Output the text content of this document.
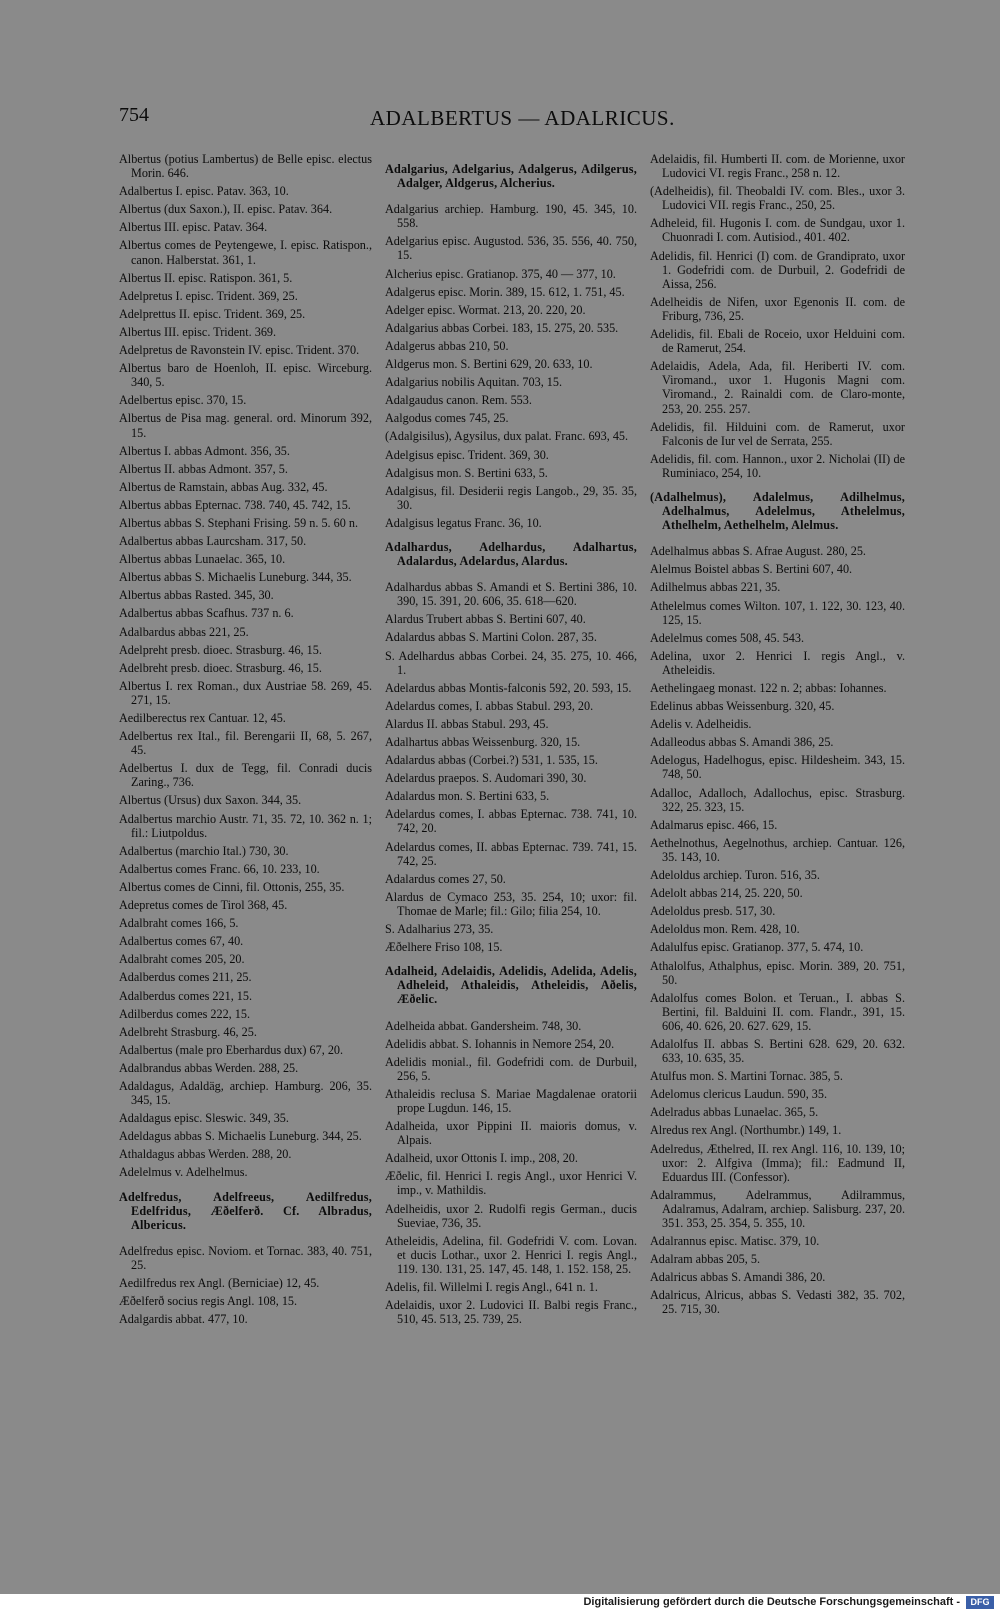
754	ADALBERTUS — ADALRICUS.

Albertus (potius Lambertus) de Belle episc. electus Morin. 646.

Adalbertus I. episc. Patav. 363, 10.

Albertus (dux Saxon.), II. episc. Patav. 364.

Albertus III. episc. Patav. 364.

Albertus comes de Peytengewe, I. episc. Ratispon., canon. Halberstat. 361, 1.

Albertus II. episc. Ratispon. 361, 5.

Adelpretus I. episc. Trident. 369, 25.

Adelprettus II. episc. Trident. 369, 25.

Albertus III. episc. Trident. 369.

Adelpretus de Ravonstein IV. episc. Trident. 370.

Albertus baro de Hoenloh, II. episc. Wirceburg. 340, 5.

Adelbertus episc. 370, 15.

Albertus de Pisa mag. general. ord. Minorum 392, 15.

Albertus I. abbas Admont. 356, 35.

Albertus II. abbas Admont. 357, 5.

Albertus de Ramstain, abbas Aug. 332, 45.

Albertus abbas Epternac. 738. 740, 45. 742, 15.

Albertus abbas S. Stephani Frising. 59 n. 5. 60 n.

Adalbertus abbas Laurcsham. 317, 50.

Albertus abbas Lunaelac. 365, 10.

Albertus abbas S. Michaelis Luneburg. 344, 35.

Albertus abbas Rasted. 345, 30.

Adalbertus abbas Scafhus. 737 n. 6.

Adalbardus abbas 221, 25.

Adelpreht presb. dioec. Strasburg. 46, 15.

Adelbreht presb. dioec. Strasburg. 46, 15.

Albertus I. rex Roman., dux Austriae 58. 269, 45. 271, 15.

Aedilberectus rex Cantuar. 12, 45.

Adelbertus rex Ital., fil. Berengarii II, 68, 5. 267, 45.

Adelbertus I. dux de Tegg, fil. Conradi ducis Zaring., 736.

Albertus (Ursus) dux Saxon. 344, 35.

Adalbertus marchio Austr. 71, 35. 72, 10. 362 n. 1; fil.: Liutpoldus.

Adalbertus (marchio Ital.) 730, 30.

Adalbertus comes Franc. 66, 10. 233, 10.

Albertus comes de Cinni, fil. Ottonis, 255, 35.

Adepretus comes de Tirol 368, 45.

Adalbraht comes 166, 5.

Adalbertus comes 67, 40.

Adalbraht comes 205, 20.

Adalberdus comes 211, 25.

Adalberdus comes 221, 15.

Adilberdus comes 222, 15.

Adelbreht Strasburg. 46, 25.

Adalbertus (male pro Eberhardus dux) 67, 20.

Adalbrandus abbas Werden. 288, 25.

Adaldagus, Adaldäg, archiep. Hamburg. 206, 35. 345, 15.

Adaldagus episc. Sleswic. 349, 35.

Adeldagus abbas S. Michaelis Luneburg. 344, 25.

Athaldagus abbas Werden. 288, 20.

Adelelmus v. Adelhelmus.

Adelfredus, Adelfreeus, Aedilfredus, Edelfridus, Æðelferð. Cf. Albradus, Albericus.

Adelfredus episc. Noviom. et Tornac. 383, 40. 751, 25.

Aedilfredus rex Angl. (Berniciae) 12, 45.

Æðelferð socius regis Angl. 108, 15.

Adalgardis abbat. 477, 10.

Adalgarius, Adelgarius, Adalgerus, Adilgerus, Adalger, Aldgerus, Alcherius.

Adalgarius archiep. Hamburg. 190, 45. 345, 10. 558.

Adelgarius episc. Augustod. 536, 35. 556, 40. 750, 15.

Alcherius episc. Gratianop. 375, 40 — 377, 10.

Adalgerus episc. Morin. 389, 15. 612, 1. 751, 45.

Adelger episc. Wormat. 213, 20. 220, 20.

Adalgarius abbas Corbei. 183, 15. 275, 20. 535.

Adalgerus abbas 210, 50.

Aldgerus mon. S. Bertini 629, 20. 633, 10.

Adalgarius nobilis Aquitan. 703, 15.

Adalgaudus canon. Rem. 553.

Aalgodus comes 745, 25.

(Adalgisilus), Agysilus, dux palat. Franc. 693, 45.

Adelgisus episc. Trident. 369, 30.

Adalgisus mon. S. Bertini 633, 5.

Adalgisus, fil. Desiderii regis Langob., 29, 35. 35, 30.

Adalgisus legatus Franc. 36, 10.

Adalhardus, Adelhardus, Adalhartus, Adalardus, Adelardus, Alardus.

Adalhardus abbas S. Amandi et S. Bertini 386, 10. 390, 15. 391, 20. 606, 35. 618—620.

Alardus Trubert abbas S. Bertini 607, 40.

Adalardus abbas S. Martini Colon. 287, 35.

S. Adelhardus abbas Corbei. 24, 35. 275, 10. 466, 1.

Adelardus abbas Montis-falconis 592, 20. 593, 15.

Adelardus comes, I. abbas Stabul. 293, 20.

Alardus II. abbas Stabul. 293, 45.

Adalhartus abbas Weissenburg. 320, 15.

Adalardus abbas (Corbei.?) 531, 1. 535, 15.

Adelardus praepos. S. Audomari 390, 30.

Adalardus mon. S. Bertini 633, 5.

Adelardus comes, I. abbas Epternac. 738. 741, 10. 742, 20.

Adelardus comes, II. abbas Epternac. 739. 741, 15. 742, 25.

Adalardus comes 27, 50.

Alardus de Cymaco 253, 35. 254, 10; uxor: fil. Thomae de Marle; fil.: Gilo; filia 254, 10.

S. Adalharius 273, 35.

Æðelhere Friso 108, 15.

Adalheid, Adelaidis, Adelidis, Adelida, Adelis, Adheleid, Athaleidis, Atheleidis, Aðelis, Æðelic.

Adelheida abbat. Gandersheim. 748, 30.

Adelidis abbat. S. Iohannis in Nemore 254, 20.

Adelidis monial., fil. Godefridi com. de Durbuil, 256, 5.

Athaleidis reclusa S. Mariae Magdalenae oratorii prope Lugdun. 146, 15.

Adalheida, uxor Pippini II. maioris domus, v. Alpais.

Adalheid, uxor Ottonis I. imp., 208, 20.

Æðelic, fil. Henrici I. regis Angl., uxor Henrici V. imp., v. Mathildis.

Adelheidis, uxor 2. Rudolfi regis German., ducis Sueviae, 736, 35.

Atheleidis, Adelina, fil. Godefridi V. com. Lovan. et ducis Lothar., uxor 2. Henrici I. regis Angl., 119. 130. 131, 25. 147, 45. 148, 1. 152. 158, 25.

Adelis, fil. Willelmi I. regis Angl., 641 n. 1.

Adelaidis, uxor 2. Ludovici II. Balbi regis Franc., 510, 45. 513, 25. 739, 25.

Adelaidis, fil. Humberti II. com. de Morienne, uxor Ludovici VI. regis Franc., 258 n. 12.

(Adelheidis), fil. Theobaldi IV. com. Bles., uxor 3. Ludovici VII. regis Franc., 250, 25.

Adheleid, fil. Hugonis I. com. de Sundgau, uxor 1. Chuonradi I. com. Autisiod., 401. 402.

Adelidis, fil. Henrici (I) com. de Grandiprato, uxor 1. Godefridi com. de Durbuil, 2. Godefridi de Aissa, 256.

Adelheidis de Nifen, uxor Egenonis II. com. de Friburg, 736, 25.

Adelidis, fil. Ebali de Roceio, uxor Helduini com. de Ramerut, 254.

Adelaidis, Adela, Ada, fil. Heriberti IV. com. Viromand., uxor 1. Hugonis Magni com. Viromand., 2. Rainaldi com. de Claro-monte, 253, 20. 255. 257.

Adelidis, fil. Hilduini com. de Ramerut, uxor Falconis de Iur vel de Serrata, 255.

Adelidis, fil. com. Hannon., uxor 2. Nicholai (II) de Ruminiaco, 254, 10.

(Adalhelmus), Adalelmus, Adilhelmus, Adelhalmus, Adelelmus, Athelelmus, Athelhelm, Aethelhelm, Alelmus.

Adelhalmus abbas S. Afrae August. 280, 25.

Alelmus Boistel abbas S. Bertini 607, 40.

Adilhelmus abbas 221, 35.

Athelelmus comes Wilton. 107, 1. 122, 30. 123, 40. 125, 15.

Adelelmus comes 508, 45. 543.

Adelina, uxor 2. Henrici I. regis Angl., v. Atheleidis.

Aethelingaeg monast. 122 n. 2; abbas: Iohannes.

Edelinus abbas Weissenburg. 320, 45.

Adelis v. Adelheidis.

Adalleodus abbas S. Amandi 386, 25.

Adelogus, Hadelhogus, episc. Hildesheim. 343, 15. 748, 50.

Adalloc, Adalloch, Adallochus, episc. Strasburg. 322, 25. 323, 15.

Adalmarus episc. 466, 15.

Aethelnothus, Aegelnothus, archiep. Cantuar. 126, 35. 143, 10.

Adeloldus archiep. Turon. 516, 35.

Adelolt abbas 214, 25. 220, 50.

Adeloldus presb. 517, 30.

Adeloldus mon. Rem. 428, 10.

Adalulfus episc. Gratianop. 377, 5. 474, 10.

Athalolfus, Athalphus, episc. Morin. 389, 20. 751, 50.

Adalolfus comes Bolon. et Teruan., I. abbas S. Bertini, fil. Balduini II. com. Flandr., 391, 15. 606, 40. 626, 20. 627. 629, 15.

Adalolfus II. abbas S. Bertini 628. 629, 20. 632. 633, 10. 635, 35.

Atulfus mon. S. Martini Tornac. 385, 5.

Adelomus clericus Laudun. 590, 35.

Adelradus abbas Lunaelac. 365, 5.

Alredus rex Angl. (Northumbr.) 149, 1.

Adelredus, Æthelred, II. rex Angl. 116, 10. 139, 10; uxor: 2. Alfgiva (Imma); fil.: Eadmund II, Eduardus III. (Confessor).

Adalrammus, Adelrammus, Adilrammus, Adalramus, Adalram, archiep. Salisburg. 237, 20. 351. 353, 25. 354, 5. 355, 10.

Adalrannus episc. Matisc. 379, 10.

Adalram abbas 205, 5.

Adalricus abbas S. Amandi 386, 20.

Adalricus, Alricus, abbas S. Vedasti 382, 35. 702, 25. 715, 30.

Digitalisierung gefördert durch die Deutsche Forschungsgemeinschaft -	DFG
